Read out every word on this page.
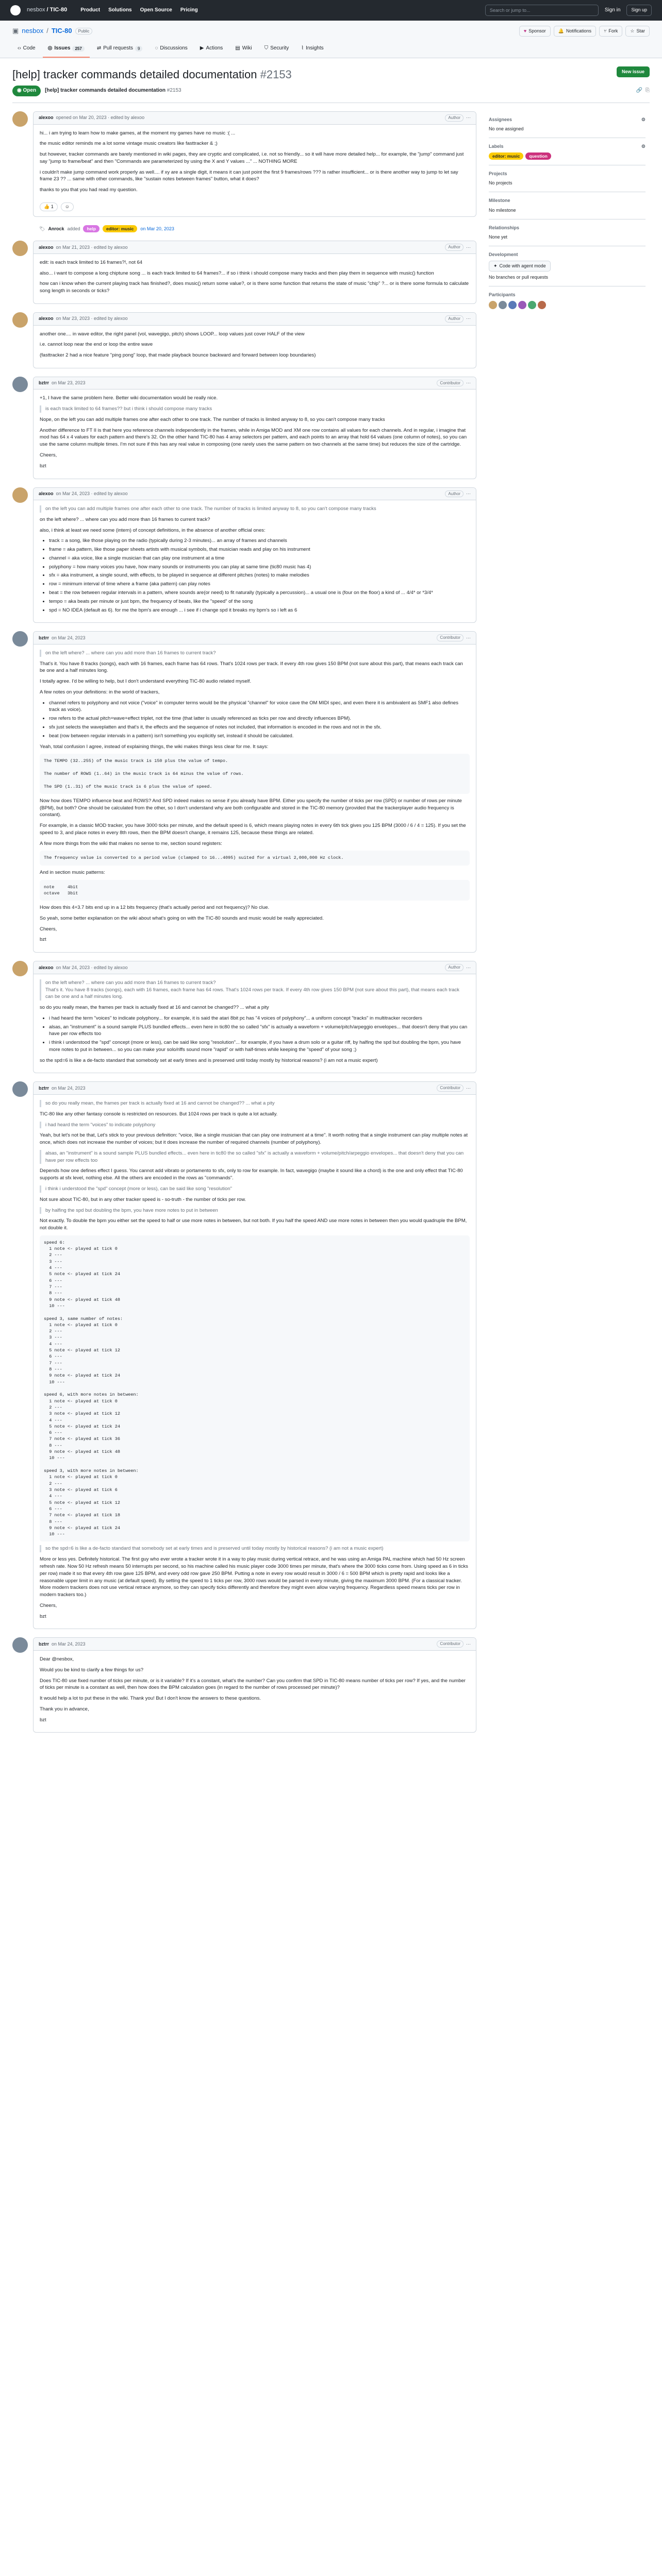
nesbox / TIC-80	Product Solutions Open Source Pricing	Search or jump to...	Sign in	Sign up
▣ nesbox / TIC-80	Public	♥ Sponsor	🔔 Notifications	⑂ Fork	☆ Star
‹› Code ◎ Issues	257	⇄ Pull requests	9	◌ Discussions ▶ Actions ▤ Wiki ⛉ Security ⌇ Insights
[help] tracker commands detailed documentation #2153	New issue
◉ Open	[help] tracker commands detailed documentation #2153	🔗 ⎘
alexoo opened on Mar 20, 2023 · edited by alexoo	Author	⋯

hi... i am trying to learn how to make games, at the moment my games have no music :( ...

the music editor reminds me a lot some vintage music creators like fasttracker & ;)

but however, tracker commands are barely mentioned in wiki pages, they are cryptic and complicated, i.e. not so friendly... so it will have more detailed help... for example, the "jump" command just say "jump to frame/beat" and then "Commands are parameterized by using the X and Y values ..." ... NOTHING MORE

i couldn't make jump command work properly as well.... if xy are a single digit, it means it can just point the first 9 frames/rows ??? is rather insufficient... or is there another way to jump to let say frame 23 ?? ... same with other commands, like "sustain notes between frames" button, what it does?

thanks to you that you had read my question.

👍 1	☺
🏷 Anrock added	help	editor: music	on Mar 20, 2023
alexoo on Mar 21, 2023 · edited by alexoo	Author	⋯

edit: is each track limited to 16 frames?!, not 64

also... i want to compose a long chiptune song ... is each track limited to 64 frames?... if so i think i should compose many tracks and then play them in sequence with music() function

how can i know when the current playing track has finished?, does music() return some value?, or is there some function that returns the state of music "chip" ?... or is there some formula to calculate song length in seconds or ticks?

alexoo on Mar 23, 2023 · edited by alexoo	Author	⋯

another one.... in wave editor, the right panel (vol, wavegigo, pitch) shows LOOP... loop values just cover HALF of the view

i.e. cannot loop near the end or loop the entire wave

(fasttracker 2 had a nice feature "ping pong" loop, that made playback bounce backward and forward between loop boundaries)

bztrr on Mar 23, 2023	Contributor	⋯

+1, I have the same problem here. Better wiki documentation would be really nice.

is each track limited to 64 frames?? but i think i should compose many tracks

Nope, on the left you can add multiple frames one after each other to one track. The number of tracks is limited anyway to 8, so you can't compose many tracks

Another difference to FT II is that here you reference channels independently in the frames, while in Amiga MOD and XM one row contains all values for each channels. And in regular, i imagine that mod has 64 x 4 values for each pattern and there's 32. On the other hand TIC-80 has 4 array selectors per pattern, and each points to an array that hold 64 values (one column of notes), so you can use the same column multiple times. I'm not sure if this has any real value in composing (one rarely uses the same pattern on two channels at the same time) but reduces the size of the cartridge.

Cheers,

bzt

alexoo on Mar 24, 2023 · edited by alexoo	Author	⋯
on the left you can add multiple frames one after each other to one track. The number of tracks is limited anyway to 8, so you can't compose many tracks

on the left where? ... where can you add more than 16 frames to current track?

also, i think at least we need some (intern) of concept definitions, in the absence of another official ones:

• track = a song, like those playing on the radio (typically during 2-3 minutes)... an array of frames and channels
• frame = aka pattern, like those paper sheets artists with musical symbols, that musician reads and play on his instrument
• channel = aka voice, like a single musician that can play one instrument at a time
• polyphony = how many voices you have, how many sounds or instruments you can play at same time (tic80 music has 4)
• sfx = aka instrument, a single sound, with effects, to be played in sequence at different pitches (notes) to make melodies
• row = minimum interval of time where a frame (aka pattern) can play notes
• beat = the row between regular intervals in a pattern, where sounds are(or need) to fit naturally (typically a percussion)... a usual one is (four on the floor) a kind of ... 4/4* or *3/4*
• tempo = aka beats per minute or just bpm, the frequency of beats, like the "speed" of the song
• spd = NO IDEA (default as 6). for me the bpm's are enough ... i see if i change spd it breaks my bpm's so i left as 6
bztrr on Mar 24, 2023	Contributor	⋯
on the left where? ... where can you add more than 16 frames to current track?

That's it. You have 8 tracks (songs), each with 16 frames, each frame has 64 rows. That's 1024 rows per track. If every 4th row gives 150 BPM (not sure about this part), that means each track can be one and a half minutes long.

I totally agree. I'd be willing to help, but I don't understand everything TIC-80 audio related myself.

A few notes on your definitions: in the world of trackers,

• channel refers to polyphony and not voice ("voice" in computer terms would be the physical "channel" for voice cave the OM MIDI spec, and even there it is ambivalent as SMF1 also defines track as voice).
• row refers to the actual pitch+wave+effect triplet, not the time (that latter is usually referenced as ticks per row and directly influences BPM).
• sfx just selects the waveplatten and that's it, the effects and the sequence of notes not included, that information is encoded in the rows and not in the sfx.
• beat (row between regular intervals in a pattern) isn't something you explicitly set, instead it should be calculated.

Yeah, total confusion I agree, instead of explaining things, the wiki makes things less clear for me. It says:

The TEMPO (32..255) of the music track is 150 plus the value of tempo.

The number of ROWS (1..64) in the music track is 64 minus the value of rows.

The SPD (1..31) of the music track is 6 plus the value of speed.

Now how does TEMPO influence beat and ROWS? And SPD indeed makes no sense if you already have BPM. Either you specify the number of ticks per row (SPD) or number of rows per minute (BPM), but both? One should be calculated from the other, so I don't understand why are both configurable and stored in the TIC-80 memory (provided that the trackerplayer audio frequency is constant).

For example, in a classic MOD tracker, you have 3000 ticks per minute, and the default speed is 6, which means playing notes in every 6th tick gives you 125 BPM (3000 / 6 / 4 = 125). If you set the speed to 3, and place notes in every 8th rows, then the BPM doesn't change, it remains 125, because these things are related.

A few more things from the wiki that makes no sense to me, section sound registers:

The frequency value is converted to a period value (clamped to 16...4095) suited for a virtual 2,000,000 Hz clock.

And in section music patterns:

note     4bit
octave   3bit

How does this 4+3.7 bits end up in a 12 bits frequency (that's actually period and not frequency)? No clue.

So yeah, some better explanation on the wiki about what's going on with the TIC-80 sounds and music would be really appreciated.

Cheers,

bzt

alexoo on Mar 24, 2023 · edited by alexoo	Author	⋯
on the left where? ... where can you add more than 16 frames to current track?
That's it. You have 8 tracks (songs), each with 16 frames, each frame has 64 rows. That's 1024 rows per track. If every 4th row gives 150 BPM (not sure about this part), that means each track can be one and a half minutes long.

so do you really mean, the frames per track is actually fixed at 16 and cannot be changed?? ... what a pity

• i had heard the term "voices" to indicate polyphony... for example, it is said the atari 8bit pc has "4 voices of polyphony"... a uniform concept "tracks" in multitracker recorders
• alsas, an "instrument" is a sound sample PLUS bundled effects... even here in tic80 the so called "sfx" is actually a waveform + volume/pitch/arpeggio envelopes... that doesn't deny that you can have per row effects too
• i think i understood the "spd" concept (more or less), can be said like song "resolution"... for example, if you have a drum solo or a guitar riff, by halfing the spd but doubling the bpm, you have more notes to put in between... so you can make your solo/riffs sound more "rapid" or with half-times while keeping the "speed" of your song ;)

so the spd=6 is like a de-facto standard that somebody set at early times and is preserved until today mostly by historical reasons? (i am not a music expert)

bztrr on Mar 24, 2023	Contributor	⋯
so do you really mean, the frames per track is actually fixed at 16 and cannot be changed?? ... what a pity

TIC-80 like any other fantasy console is restricted on resources. But 1024 rows per track is quite a lot actually.

i had heard the term "voices" to indicate polyphony

Yeah, but let's not be that, Let's stick to your previous definition: "voice, like a single musician that can play one instrument at a time". It worth noting that a single instrument can play multiple notes at once, which does not increase the number of voices; but it does increase the number of required channels (number of polyphony).

alsas, an "instrument" is a sound sample PLUS bundled effects... even here in tic80 the so called "sfx" is actually a waveform + volume/pitch/arpeggio envelopes... that doesn't deny that you can have per row effects too

Depends how one defines effect I guess. You cannot add vibrato or portamento to sfx, only to row for example. In fact, wavegigo (maybe it sound like a chord) is the one and only effect that TIC-80 supports at sfx level, nothing else. All the others are encoded in the rows as "commands".

i think i understood the "spd" concept (more or less), can be said like song "resolution"

Not sure about TIC-80, but in any other tracker speed is - so-truth - the number of ticks per row.

by halfing the spd but doubling the bpm, you have more notes to put in between

Not exactly. To double the bpm you either set the speed to half or use more notes in between, but not both. If you half the speed AND use more notes in between then you would quadruple the BPM, not double it.

speed 6:
1 note <- played at tick 0
2 ---
3 ---
4 ---
5 note <- played at tick 24
6 ---
7 ---
8 ---
9 note <- played at tick 48
10 ---

speed 3, same number of notes:
1 note <- played at tick 0
2 ---
3 ---
4 ---
5 note <- played at tick 12
6 ---
7 ---
8 ---
9 note <- played at tick 24
10 ---

speed 6, with more notes in between:
1 note <- played at tick 0
2 ---
3 note <- played at tick 12
4 ---
5 note <- played at tick 24
6 ---
7 note <- played at tick 36
8 ---
9 note <- played at tick 48
10 ---

speed 3, with more notes in between:
1 note <- played at tick 0
2 ---
3 note <- played at tick 6
4 ---
5 note <- played at tick 12
6 ---
7 note <- played at tick 18
8 ---
9 note <- played at tick 24
10 ---
so the spd=6 is like a de-facto standard that somebody set at early times and is preserved until today mostly by historical reasons? (i am not a music expert)

More or less yes. Definitely historical. The first guy who ever wrote a tracker wrote it in a way to play music during vertical retrace, and he was using an Amiga PAL machine which had 50 Hz screen refresh rate. Now 50 Hz refresh means 50 interrupts per second, so his machine called his music player code 3000 times per minute, that's where the 3000 ticks come from. Using speed as 6 in ticks per row) made it so that every 4th row gave 125 BPM, and every odd row gave 250 BPM. Putting a note in every row would result in 3000 / 6 = 500 BPM which is pretty rapid and looks like a reasonable upper limit in any music (at default speed). By setting the speed to 1 ticks per row, 3000 rows would be parsed in every minute, giving the maximum 3000 BPM. (For a classical tracker. More modern trackers does not use vertical retrace anymore, so they can specify ticks differently and therefore they might even allow varying frequency. Regardless speed means ticks per row in modern trackers too.)

Cheers,

bzt

bztrr on Mar 24, 2023	Contributor	⋯

Dear @nesbox,

Would you be kind to clarify a few things for us?

Does TIC-80 use fixed number of ticks per minute, or is it variable? If it's a constant, what's the number? Can you confirm that SPD in TIC-80 means number of ticks per row? If yes, and the number of ticks per minute is a constant as well, then how does the BPM calculation goes (in regard to the number of rows processed per minute)?

It would help a lot to put these in the wiki. Thank you! But I don't know the answers to these questions.

Thank you in advance,

bzt

Assignees	⚙
No one assigned
Labels	⚙
editor: music	question
Projects
No projects
Milestone
No milestone
Relationships
None yet
Development
✦ Code with agent mode
No branches or pull requests
Participants
